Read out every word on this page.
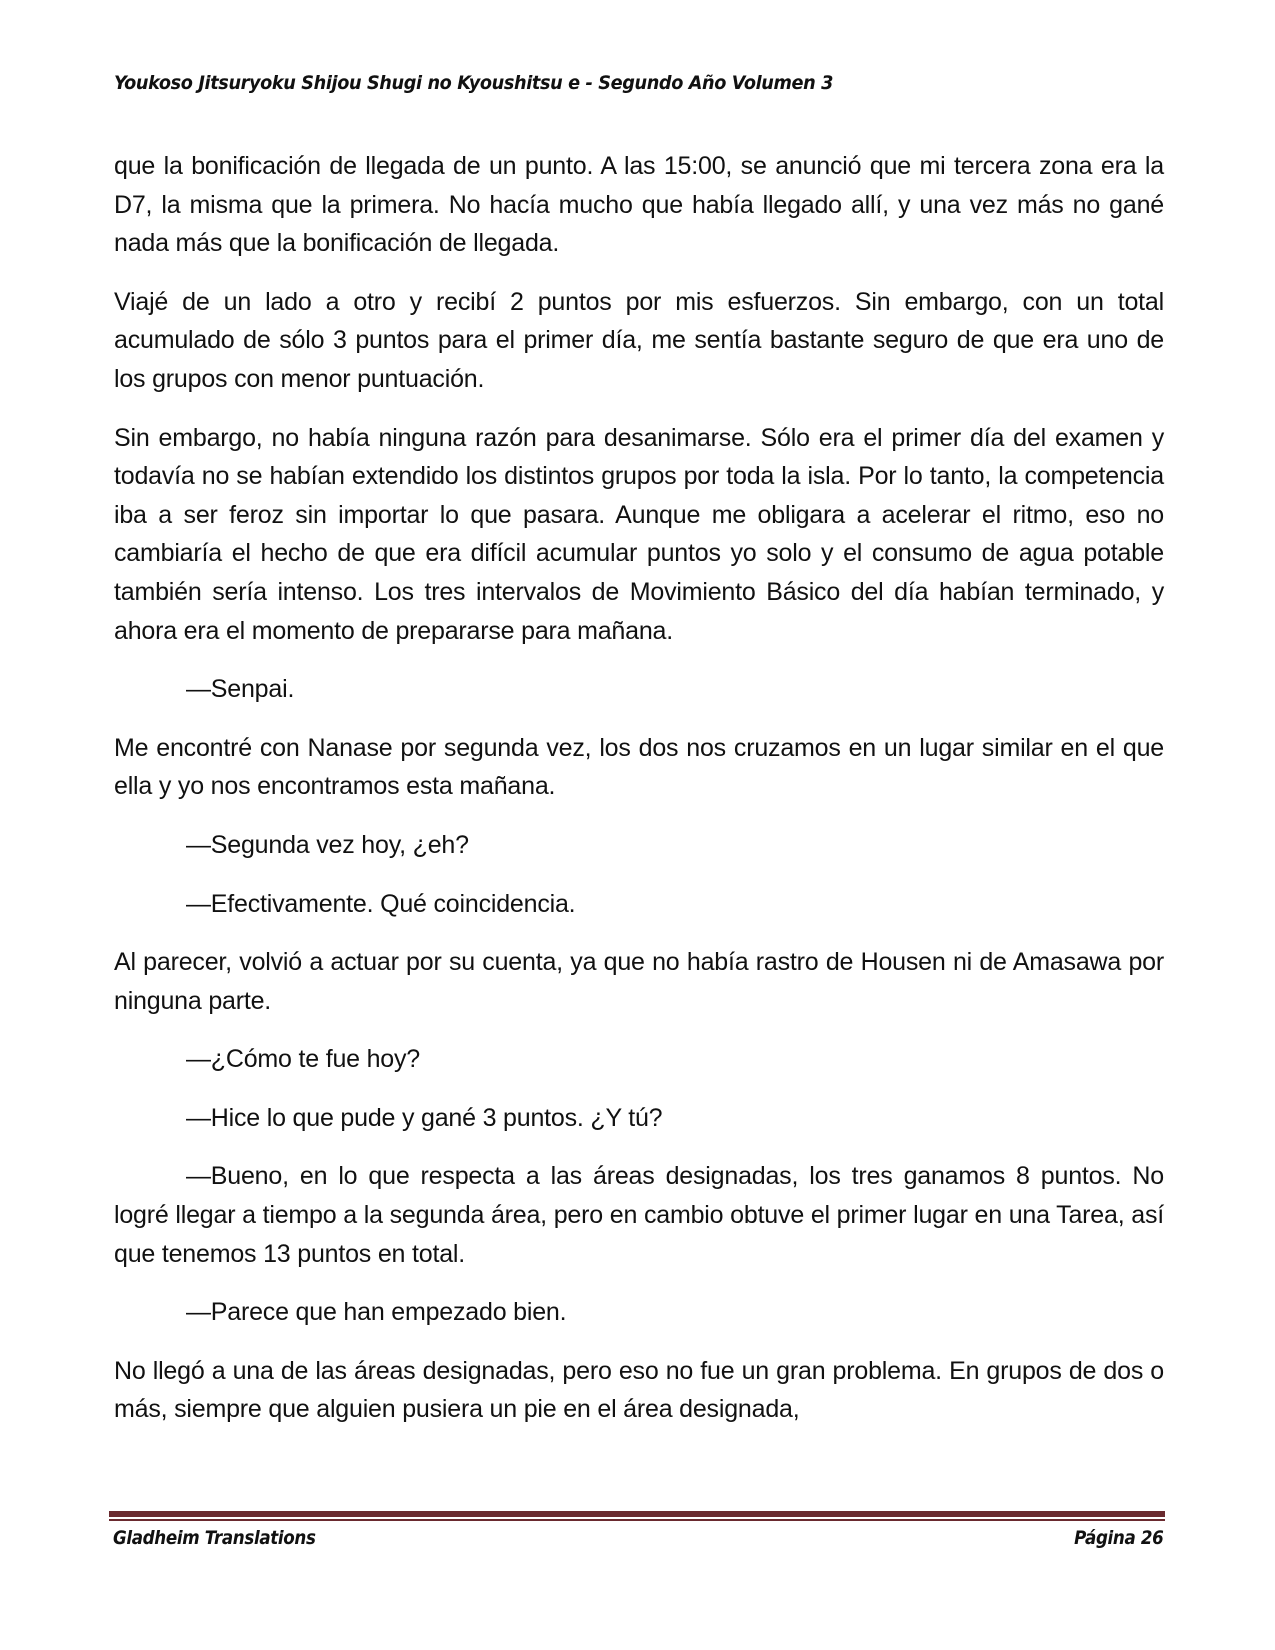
Youkoso Jitsuryoku Shijou Shugi no Kyoushitsu e - Segundo Año Volumen 3

que la bonificación de llegada de un punto. A las 15:00, se anunció que mi tercera zona era la D7, la misma que la primera. No hacía mucho que había llegado allí, y una vez más no gané nada más que la bonificación de llegada.

Viajé de un lado a otro y recibí 2 puntos por mis esfuerzos. Sin embargo, con un total acumulado de sólo 3 puntos para el primer día, me sentía bastante seguro de que era uno de los grupos con menor puntuación.

Sin embargo, no había ninguna razón para desanimarse. Sólo era el primer día del examen y todavía no se habían extendido los distintos grupos por toda la isla. Por lo tanto, la competencia iba a ser feroz sin importar lo que pasara. Aunque me obligara a acelerar el ritmo, eso no cambiaría el hecho de que era difícil acumular puntos yo solo y el consumo de agua potable también sería intenso. Los tres intervalos de Movimiento Básico del día habían terminado, y ahora era el momento de prepararse para mañana.

—Senpai.

Me encontré con Nanase por segunda vez, los dos nos cruzamos en un lugar similar en el que ella y yo nos encontramos esta mañana.

—Segunda vez hoy, ¿eh?

—Efectivamente. Qué coincidencia.

Al parecer, volvió a actuar por su cuenta, ya que no había rastro de Housen ni de Amasawa por ninguna parte.

—¿Cómo te fue hoy?

—Hice lo que pude y gané 3 puntos. ¿Y tú?

—Bueno, en lo que respecta a las áreas designadas, los tres ganamos 8 puntos. No logré llegar a tiempo a la segunda área, pero en cambio obtuve el primer lugar en una Tarea, así que tenemos 13 puntos en total.

—Parece que han empezado bien.

No llegó a una de las áreas designadas, pero eso no fue un gran problema. En grupos de dos o más, siempre que alguien pusiera un pie en el área designada,

Gladheim Translations	Página 26
